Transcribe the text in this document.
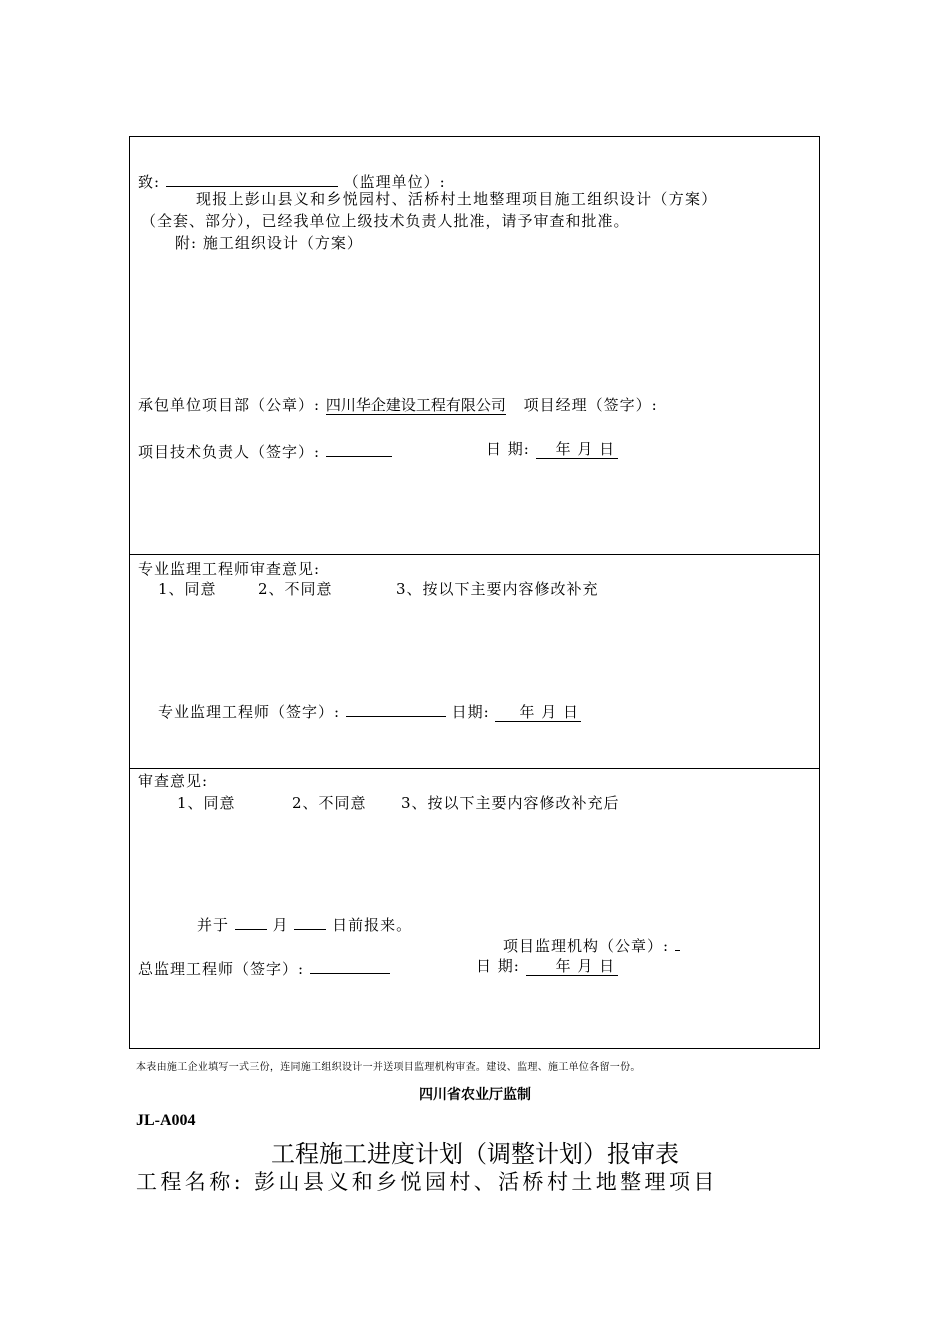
致:	（监理单位）:
现报上彭山县义和乡悦园村、活桥村土地整理项目施工组织设计（方案）
（全套、部分），已经我单位上级技术负责人批准，请予审查和批准。
附: 施工组织设计（方案）
承包单位项目部（公章）: 四川华企建设工程有限公司 项目经理（签字）:
项目技术负责人（签字）:	日 期: 年 月 日
专业监理工程师审查意见:
1、同意	2、不同意	3、按以下主要内容修改补充
专业监理工程师（签字）:	日期: 年 月 日
审查意见:
1、同意	2、不同意 3、按以下主要内容修改补充后
并于	月	日前报来。
项目监理机构（公章）:
总监理工程师（签字）:	日 期: 年 月 日
本表由施工企业填写一式三份，连同施工组织设计一并送项目监理机构审查。建设、监理、施工单位各留一份。
四川省农业厅监制
JL-A004
工程施工进度计划（调整计划）报审表
工程名称: 彭山县义和乡悦园村、活桥村土地整理项目
